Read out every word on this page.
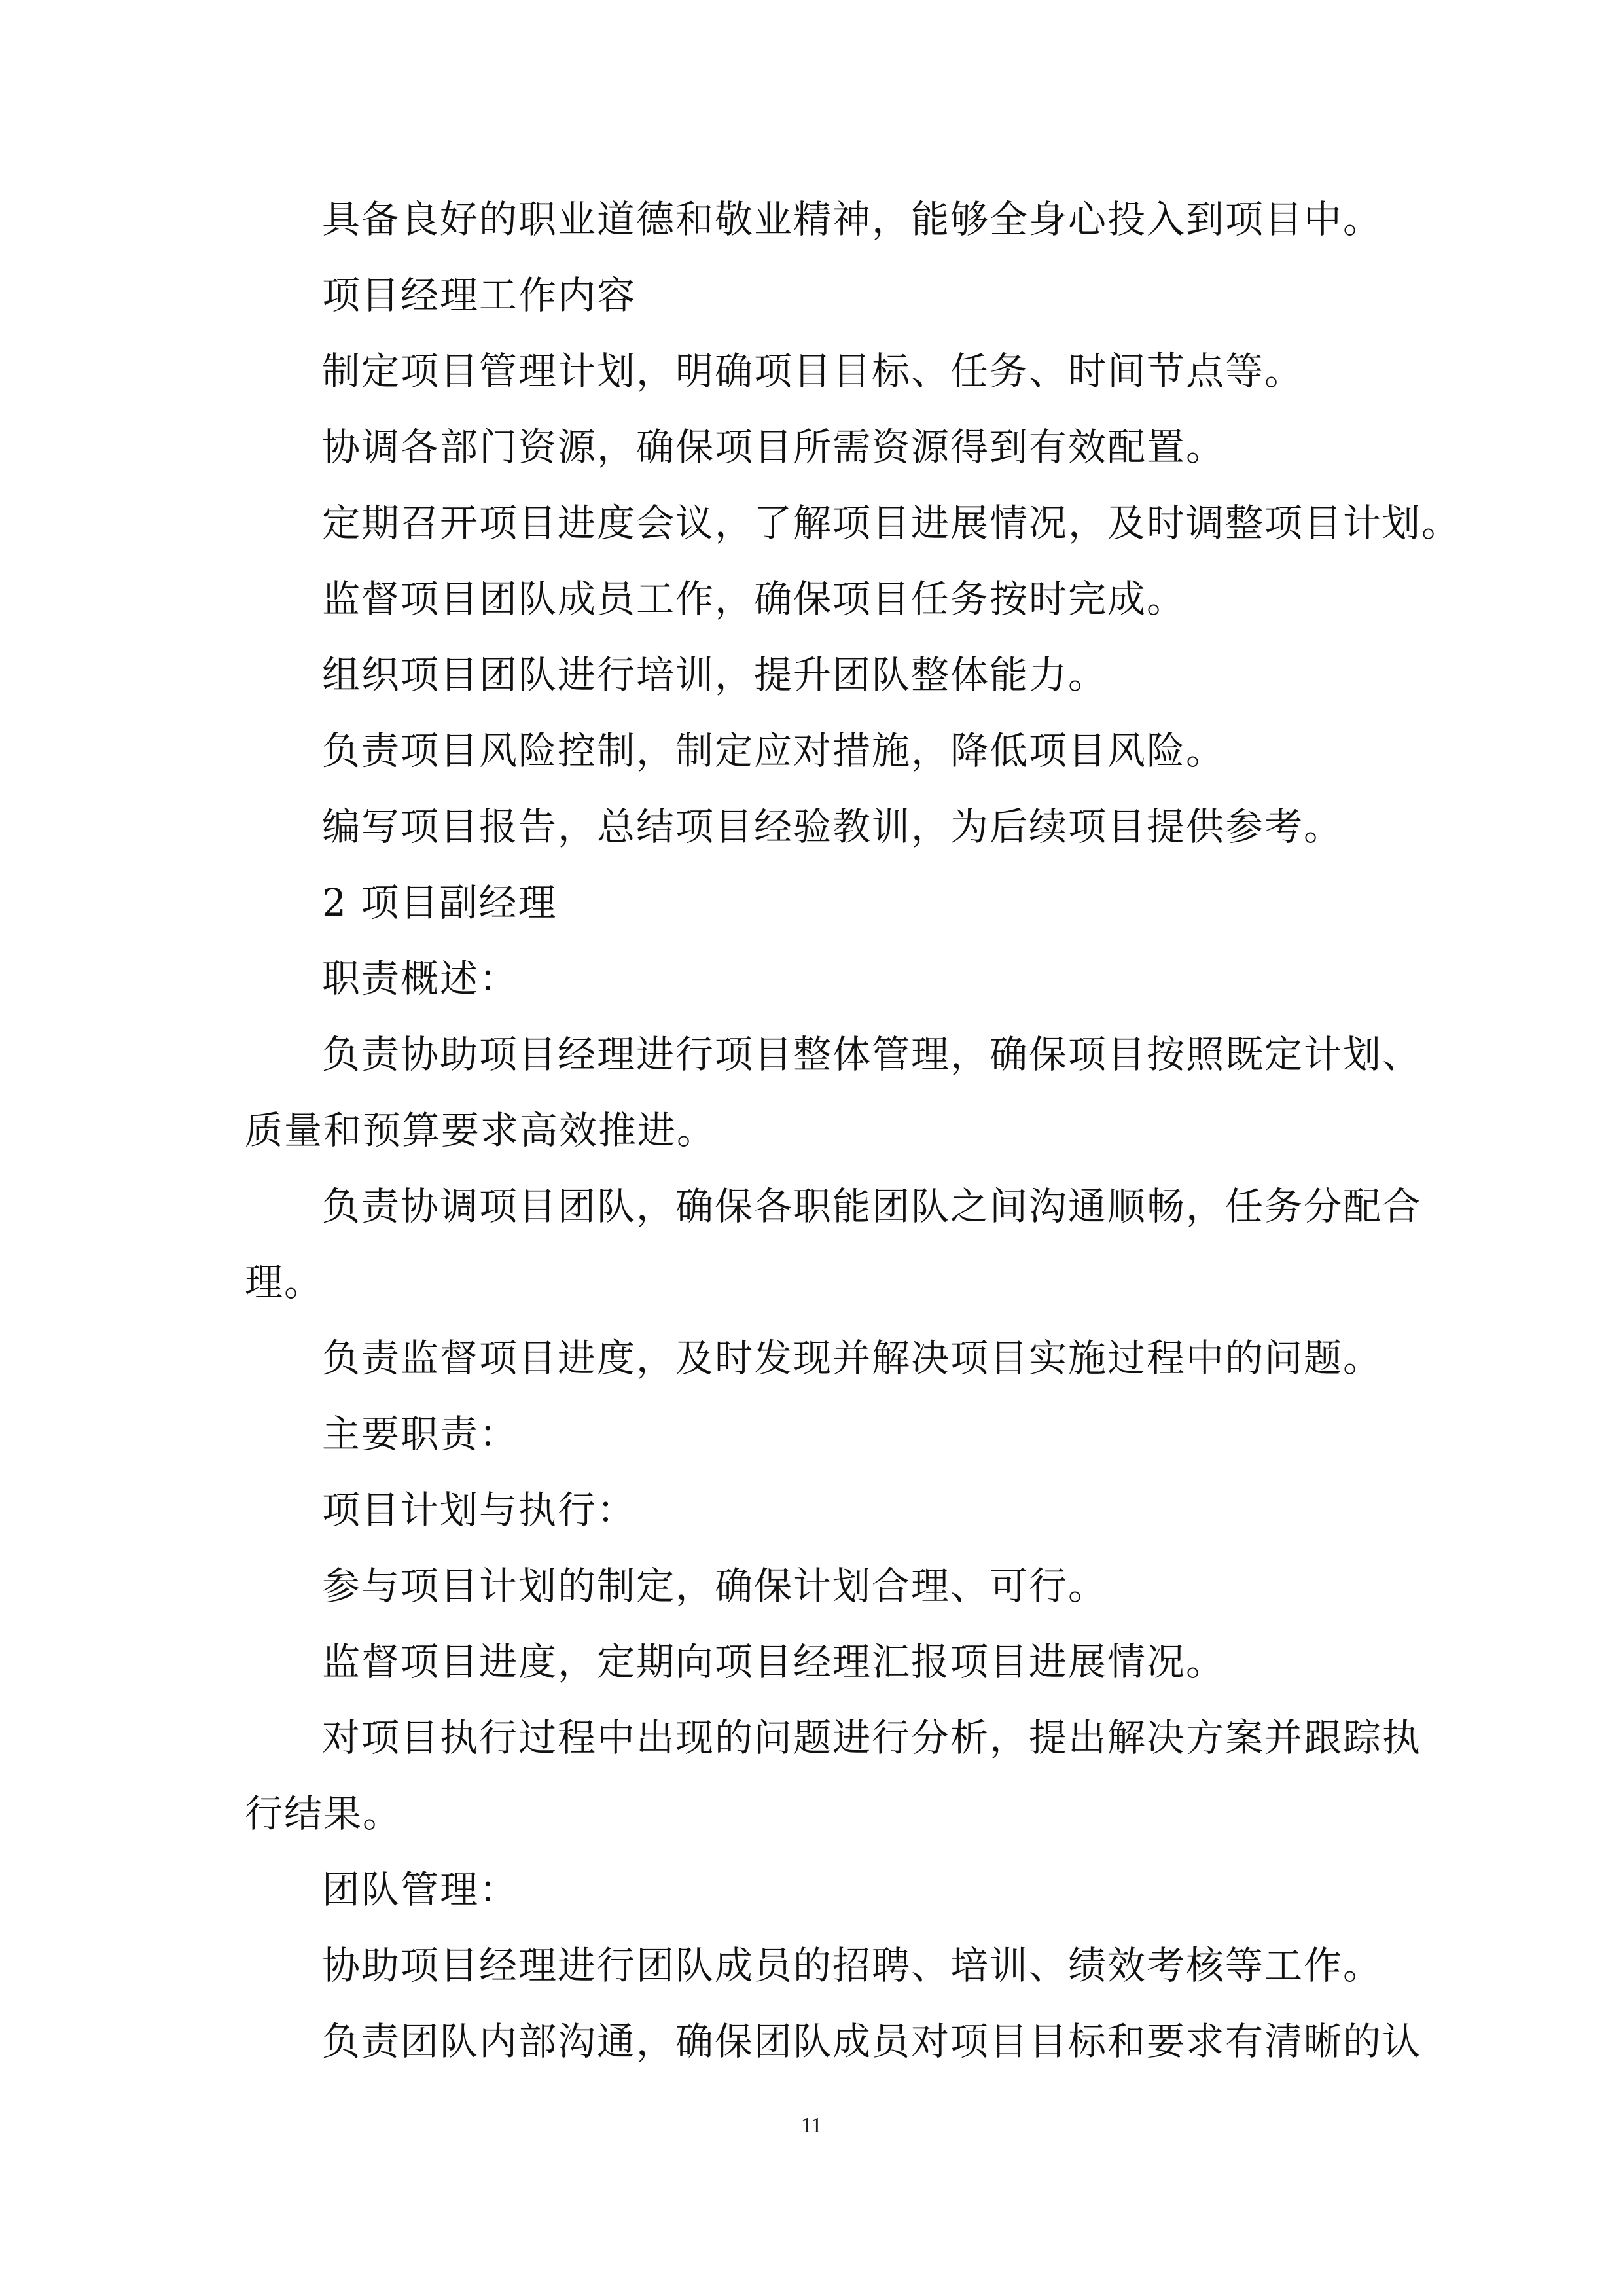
具备良好的职业道德和敬业精神，能够全身心投入到项目中。
项目经理工作内容
制定项目管理计划，明确项目目标、任务、时间节点等。
协调各部门资源，确保项目所需资源得到有效配置。
定期召开项目进度会议，了解项目进展情况，及时调整项目计划。
监督项目团队成员工作，确保项目任务按时完成。
组织项目团队进行培训，提升团队整体能力。
负责项目风险控制，制定应对措施，降低项目风险。
编写项目报告，总结项目经验教训，为后续项目提供参考。
2 项目副经理
职责概述：
负责协助项目经理进行项目整体管理，确保项目按照既定计划、
质量和预算要求高效推进。
负责协调项目团队，确保各职能团队之间沟通顺畅，任务分配合
理。
负责监督项目进度，及时发现并解决项目实施过程中的问题。
主要职责：
项目计划与执行：
参与项目计划的制定，确保计划合理、可行。
监督项目进度，定期向项目经理汇报项目进展情况。
对项目执行过程中出现的问题进行分析，提出解决方案并跟踪执
行结果。
团队管理：
协助项目经理进行团队成员的招聘、培训、绩效考核等工作。
负责团队内部沟通，确保团队成员对项目目标和要求有清晰的认
11
